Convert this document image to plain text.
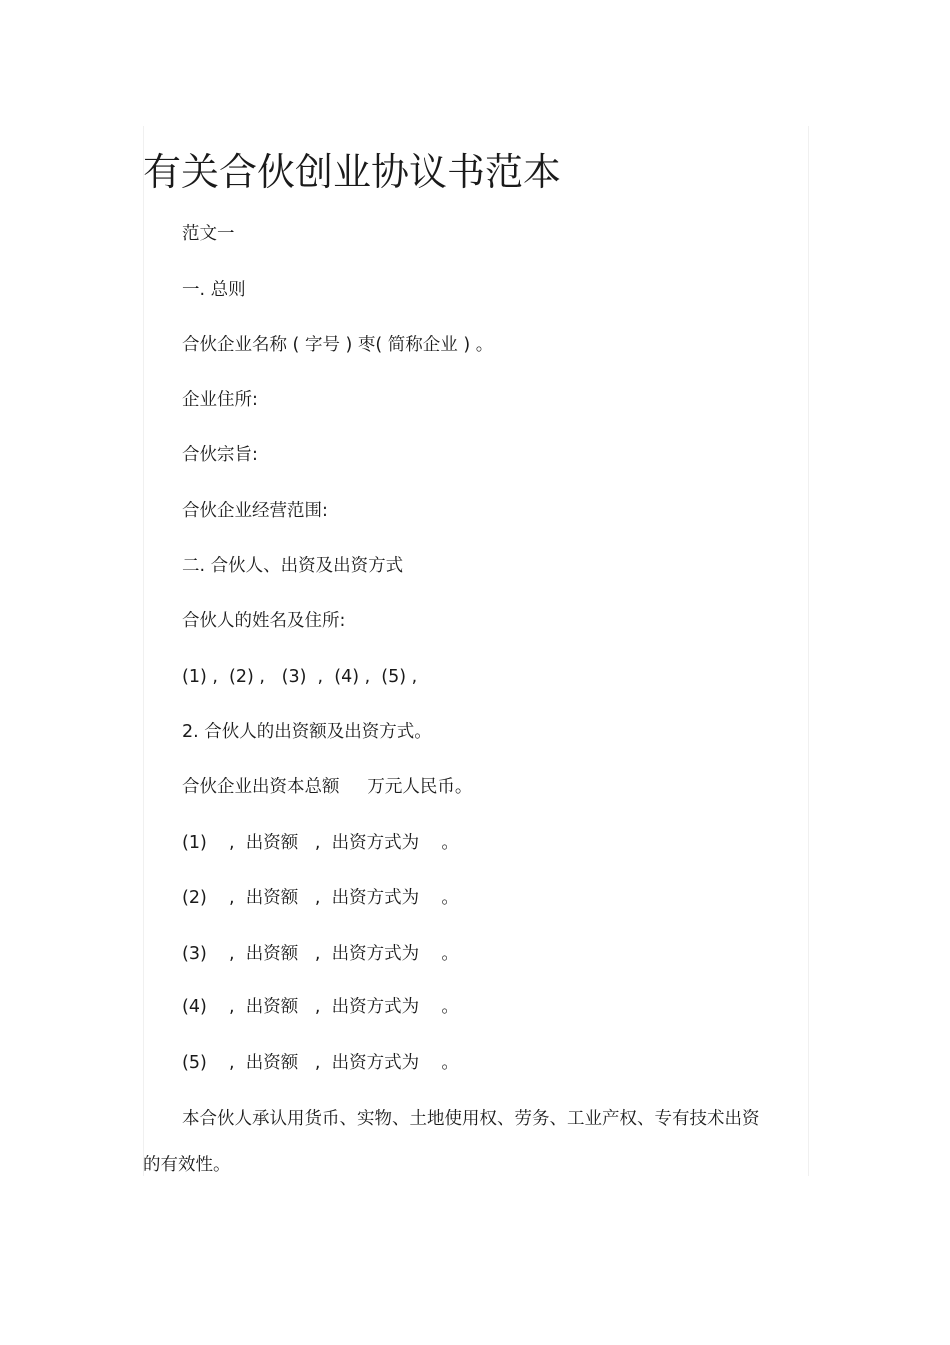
有关合伙创业协议书范本
范文一
一. 总则
合伙企业名称 ( 字号 ) 枣( 简称企业 ) 。
企业住所:
合伙宗旨:
合伙企业经营范围:
二. 合伙人、出资及出资方式
合伙人的姓名及住所:
(1) ,  (2) ,   (3)  ,  (4) ,  (5) ,
2. 合伙人的出资额及出资方式。
合伙企业出资本总额     万元人民币。
(1)    ,  出资额   ,  出资方式为    。
(2)    ,  出资额   ,  出资方式为    。
(3)    ,  出资额   ,  出资方式为    。
(4)    ,  出资额   ,  出资方式为    。
(5)    ,  出资额   ,  出资方式为    。
本合伙人承认用货币、实物、土地使用权、劳务、工业产权、专有技术出资
的有效性。
